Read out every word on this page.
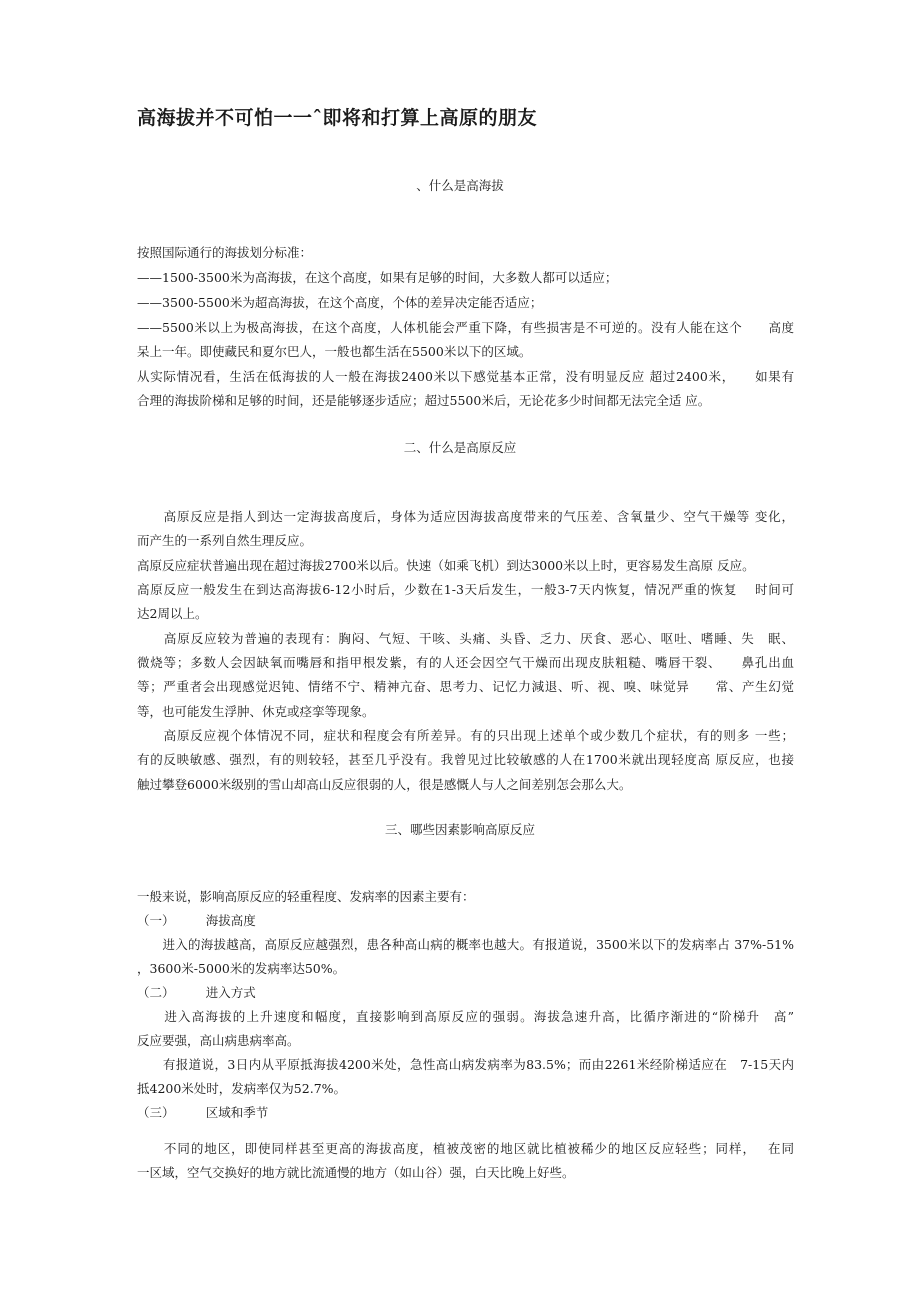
高海拔并不可怕一一ˆ即将和打算上高原的朋友
、什么是高海拔
按照国际通行的海拔划分标准：
——1500-3500米为高海拔，在这个高度，如果有足够的时间，大多数人都可以适应；
——3500-5500米为超高海拔，在这个高度，个体的差异决定能否适应；
——5500米以上为极高海拔，在这个高度，人体机能会严重下降，有些损害是不可逆的。没有人能在这个　　高度
呆上一年。即使藏民和夏尔巴人，一般也都生活在5500米以下的区域。
从实际情况看，生活在低海拔的人一般在海拔2400米以下感觉基本正常，没有明显反应 超过2400米，　　如果有
合理的海拔阶梯和足够的时间，还是能够逐步适应；超过5500米后，无论花多少时间都无法完全适 应。
二、什么是高原反应
　　高原反应是指人到达一定海拔高度后，身体为适应因海拔高度带来的气压差、含氧量少、空气干燥等 变化，
而产生的一系列自然生理反应。
高原反应症状普遍出现在超过海拔2700米以后。快速（如乘飞机）到达3000米以上时，更容易发生高原 反应。
高原反应一般发生在到达高海拔6-12小时后，少数在1-3天后发生，一般3-7天内恢复，情况严重的恢复　 时间可
达2周以上。
　　高原反应较为普遍的表现有：胸闷、气短、干咳、头痛、头昏、乏力、厌食、恶心、呕吐、嗜睡、失　眠、
微烧等；多数人会因缺氧而嘴唇和指甲根发紫，有的人还会因空气干燥而出现皮肤粗糙、嘴唇干裂、　　鼻孔出血
等；严重者会出现感觉迟钝、情绪不宁、精神亢奋、思考力、记忆力減退、听、视、嗅、味觉异　　常、产生幻觉
等，也可能发生浮肿、休克或痉挛等现象。
　　高原反应视个体情况不同，症状和程度会有所差异。有的只出现上述单个或少数几个症状，有的则多 一些；
有的反映敏感、强烈，有的则较轻，甚至几乎没有。我曾见过比较敏感的人在1700米就出现轻度高 原反应，也接
触过攀登6000米级别的雪山却高山反应很弱的人，很是感慨人与人之间差别怎会那么大。
三、哪些因素影响高原反应
一般来说，影响高原反应的轻重程度、发病率的因素主要有：
（一）　　　海拔高度
　　进入的海拔越高，高原反应越强烈，患各种高山病的概率也越大。有报道说，3500米以下的发病率占 37%-51%
，3600米-5000米的发病率达50%。
（二）　　　进入方式
　　进入高海拔的上升速度和幅度，直接影响到高原反应的强弱。海拔急速升高，比循序渐进的“阶梯升　高”
反应要强，高山病患病率高。
　　有报道说，3日内从平原抵海拔4200米处，急性高山病发病率为83.5%；而由2261米经阶梯适应在　7-15天内
抵4200米处时，发病率仅为52.7%。
（三）　　　区域和季节
　　不同的地区，即使同样甚至更高的海拔高度，植被茂密的地区就比植被稀少的地区反应轻些；同样，　 在同
一区域，空气交换好的地方就比流通慢的地方（如山谷）强，白天比晚上好些。
